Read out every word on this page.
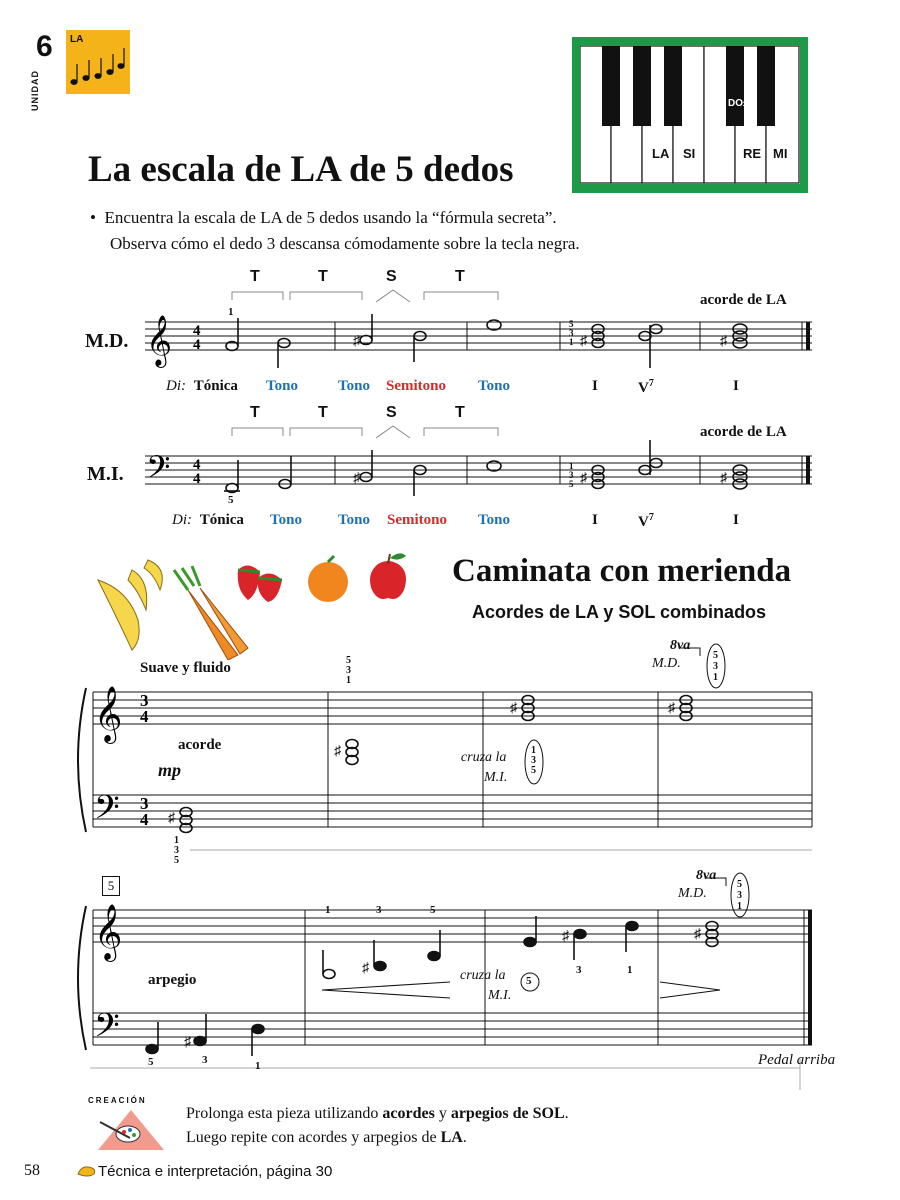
6
UNIDAD
LA
La escala de LA de 5 dedos
•  Encuentra la escala de LA de 5 dedos usando la “fórmula secreta”.
Observa cómo el dedo 3 descansa cómodamente sobre la tecla negra.
LA SI
DO♯
RE MI
𝄞 4
4	♯	♯	♯
𝄢 4
4	♯	♯	♯
𝄞
𝄢
3
4
3
4 ♯
♯
♯	♯
𝄞
𝄢	♯
♯
♯	♯
M.D.
M.I.
T	T	S	T
T	T	S	T
acorde de LA
acorde de LA
1
5
3
1
5
1
3
5
Di: Tónica Tono	Tono Semitono Tono	I	$V^7$	I
Di: Tónica Tono Tono Semitono Tono	I	$V^7$	I
Caminata con merienda
Acordes de LA y SOL combinados
Suave y fluido
acorde
mp
5
3
1
1
3
5
1
3
5
cruza la
M.I.
8va
M.D.
5
3
1
5
arpegio
1	3	5
3	1
5	3	1
cruza la
M.I.
5
8va
M.D.
5
3
1
Pedal arriba
CREACIÓN
Prolonga esta pieza utilizando acordes y arpegios de SOL.
Luego repite con acordes y arpegios de LA.
58	Técnica e interpretación, página 30
